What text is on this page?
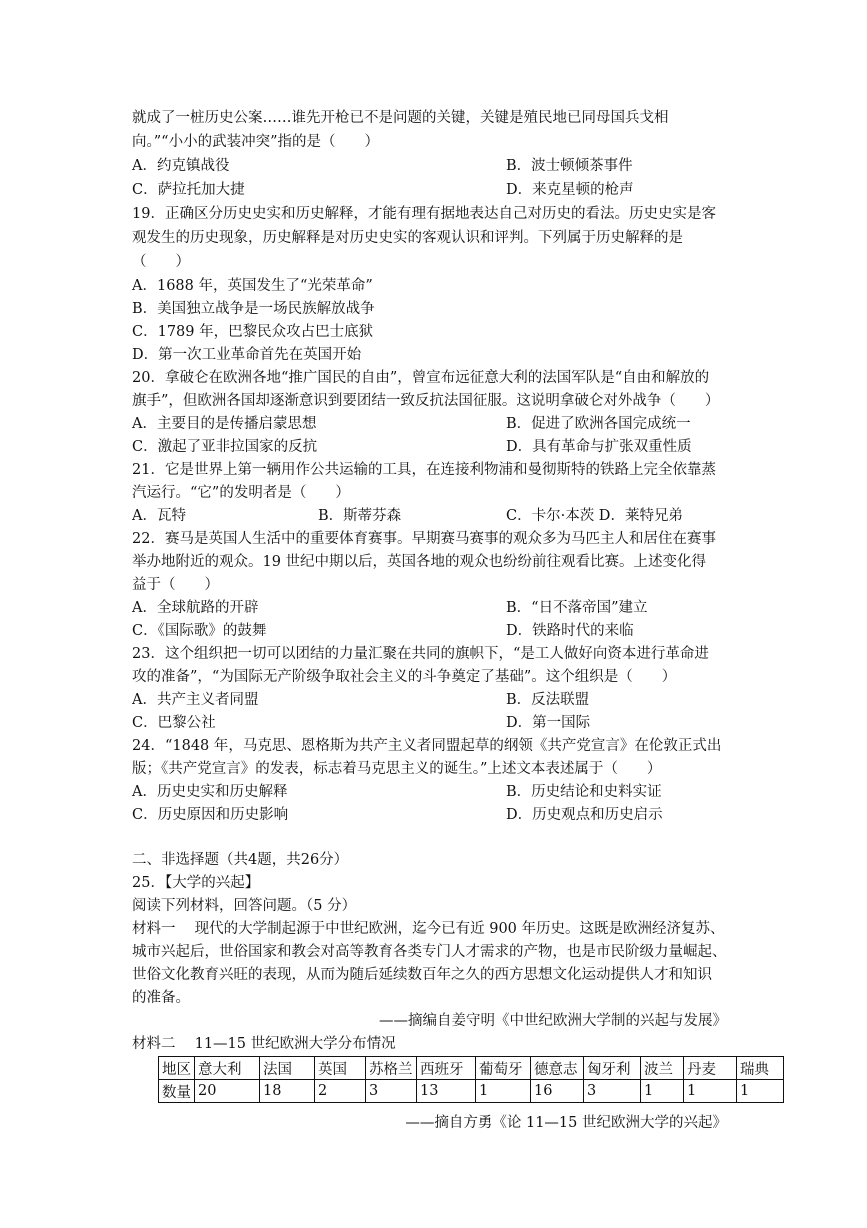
就成了一桩历史公案……谁先开枪已不是问题的关键，关键是殖民地已同母国兵戈相
向。”“小小的武装冲突”指的是（　　）
A．约克镇战役	B．波士顿倾茶事件
C．萨拉托加大捷	D．来克星顿的枪声
19．正确区分历史史实和历史解释，才能有理有据地表达自己对历史的看法。历史史实是客
观发生的历史现象，历史解释是对历史史实的客观认识和评判。下列属于历史解释的是
（　　）
A．1688 年，英国发生了“光荣革命”
B．美国独立战争是一场民族解放战争
C．1789 年，巴黎民众攻占巴士底狱
D．第一次工业革命首先在英国开始
20．拿破仑在欧洲各地“推广国民的自由”，曾宣布远征意大利的法国军队是“自由和解放的
旗手”，但欧洲各国却逐渐意识到要团结一致反抗法国征服。这说明拿破仑对外战争（　　）
A．主要目的是传播启蒙思想	B．促进了欧洲各国完成统一
C．激起了亚非拉国家的反抗	D．具有革命与扩张双重性质
21．它是世界上第一辆用作公共运输的工具，在连接利物浦和曼彻斯特的铁路上完全依靠蒸
汽运行。“它”的发明者是（　　）
A．瓦特	B．斯蒂芬森	C．卡尔·本茨 D．莱特兄弟
22．赛马是英国人生活中的重要体育赛事。早期赛马赛事的观众多为马匹主人和居住在赛事
举办地附近的观众。19 世纪中期以后，英国各地的观众也纷纷前往观看比赛。上述变化得
益于（　　）
A．全球航路的开辟	B．“日不落帝国”建立
C．《国际歌》的鼓舞	D．铁路时代的来临
23．这个组织把一切可以团结的力量汇聚在共同的旗帜下，“是工人做好向资本进行革命进
攻的准备”，“为国际无产阶级争取社会主义的斗争奠定了基础”。这个组织是（　　）
A．共产主义者同盟	B．反法联盟
C．巴黎公社	D．第一国际
24．“1848 年，马克思、恩格斯为共产主义者同盟起草的纲领《共产党宣言》在伦敦正式出
版；《共产党宣言》的发表，标志着马克思主义的诞生。”上述文本表述属于（　　）
A．历史史实和历史解释	B．历史结论和史料实证
C．历史原因和历史影响	D．历史观点和历史启示
二、非选择题（共4题，共26分）
25．【大学的兴起】
阅读下列材料，回答问题。（5 分）
材料一　 现代的大学制起源于中世纪欧洲，迄今已有近 900 年历史。这既是欧洲经济复苏、
城市兴起后，世俗国家和教会对高等教育各类专门人才需求的产物，也是市民阶级力量崛起、
世俗文化教育兴旺的表现，从而为随后延续数百年之久的西方思想文化运动提供人才和知识
的准备。
——摘编自姜守明《中世纪欧洲大学制的兴起与发展》
材料二　 11—15 世纪欧洲大学分布情况
地区	意大利	法国	英国	苏格兰	西班牙	葡萄牙	德意志	匈牙利	波兰	丹麦	瑞典
数量	20	18	2	3	13	1	16	3	1	1	1
——摘自方勇《论 11—15 世纪欧洲大学的兴起》
